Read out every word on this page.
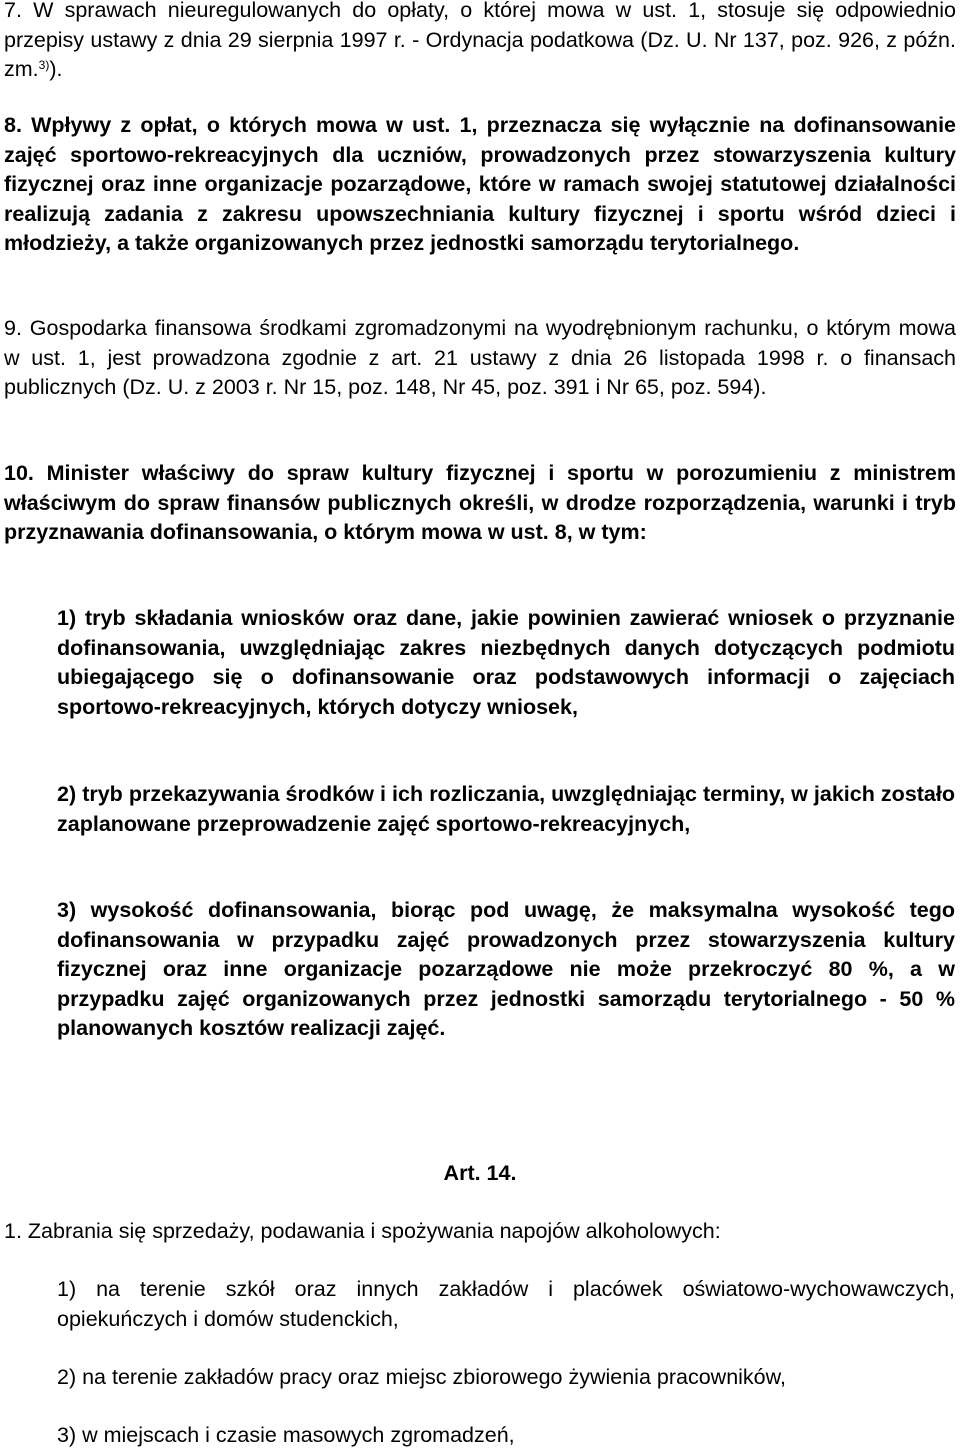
7. W sprawach nieuregulowanych do opłaty, o której mowa w ust. 1, stosuje się odpowiednio przepisy ustawy z dnia 29 sierpnia 1997 r. - Ordynacja podatkowa (Dz. U. Nr 137, poz. 926, z późn. zm.$^{3)}$).

8. Wpływy z opłat, o których mowa w ust. 1, przeznacza się wyłącznie na dofinansowanie zajęć sportowo-rekreacyjnych dla uczniów, prowadzonych przez stowarzyszenia kultury fizycznej oraz inne organizacje pozarządowe, które w ramach swojej statutowej działalności realizują zadania z zakresu upowszechniania kultury fizycznej i sportu wśród dzieci i młodzieży, a także organizowanych przez jednostki samorządu terytorialnego.

9. Gospodarka finansowa środkami zgromadzonymi na wyodrębnionym rachunku, o którym mowa w ust. 1, jest prowadzona zgodnie z art. 21 ustawy z dnia 26 listopada 1998 r. o finansach publicznych (Dz. U. z 2003 r. Nr 15, poz. 148, Nr 45, poz. 391 i Nr 65, poz. 594).

10. Minister właściwy do spraw kultury fizycznej i sportu w porozumieniu z ministrem właściwym do spraw finansów publicznych określi, w drodze rozporządzenia, warunki i tryb przyznawania dofinansowania, o którym mowa w ust. 8, w tym:

1) tryb składania wniosków oraz dane, jakie powinien zawierać wniosek o przyznanie dofinansowania, uwzględniając zakres niezbędnych danych dotyczących podmiotu ubiegającego się o dofinansowanie oraz podstawowych informacji o zajęciach sportowo-rekreacyjnych, których dotyczy wniosek,

2) tryb przekazywania środków i ich rozliczania, uwzględniając terminy, w jakich zostało zaplanowane przeprowadzenie zajęć sportowo-rekreacyjnych,

3) wysokość dofinansowania, biorąc pod uwagę, że maksymalna wysokość tego dofinansowania w przypadku zajęć prowadzonych przez stowarzyszenia kultury fizycznej oraz inne organizacje pozarządowe nie może przekroczyć 80 %, a w przypadku zajęć organizowanych przez jednostki samorządu terytorialnego - 50 % planowanych kosztów realizacji zajęć.

Art. 14.

1. Zabrania się sprzedaży, podawania i spożywania napojów alkoholowych:

1) na terenie szkół oraz innych zakładów i placówek oświatowo-wychowawczych, opiekuńczych i domów studenckich,

2) na terenie zakładów pracy oraz miejsc zbiorowego żywienia pracowników,

3) w miejscach i czasie masowych zgromadzeń,
